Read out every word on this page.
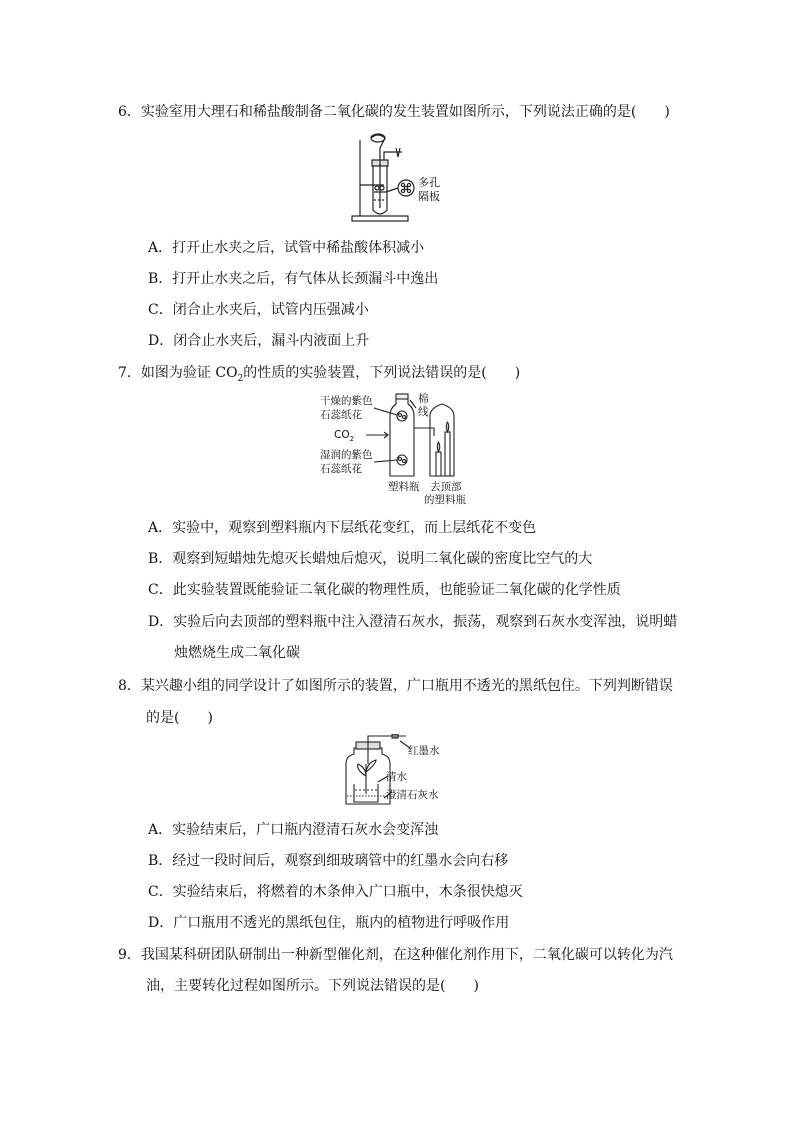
6．实验室用大理石和稀盐酸制备二氧化碳的发生装置如图所示，下列说法正确的是(　　)
多孔
隔板
A．打开止水夹之后，试管中稀盐酸体积减小
B．打开止水夹之后，有气体从长颈漏斗中逸出
C．闭合止水夹后，试管内压强减小
D．闭合止水夹后，漏斗内液面上升
7．如图为验证 $CO_2$的性质的实验装置，下列说法错误的是(　　)
干燥的紫色
石蕊纸花
$CO_2$
湿润的紫色
石蕊纸花
棉
线
塑料瓶 去顶部
的塑料瓶
A．实验中，观察到塑料瓶内下层纸花变红，而上层纸花不变色
B．观察到短蜡烛先熄灭长蜡烛后熄灭，说明二氧化碳的密度比空气的大
C．此实验装置既能验证二氧化碳的物理性质，也能验证二氧化碳的化学性质
D．实验后向去顶部的塑料瓶中注入澄清石灰水，振荡，观察到石灰水变浑浊，说明蜡
烛燃烧生成二氧化碳
8．某兴趣小组的同学设计了如图所示的装置，广口瓶用不透光的黑纸包住。下列判断错误
的是(　　)
红墨水
清水
澄清石灰水
A．实验结束后，广口瓶内澄清石灰水会变浑浊
B．经过一段时间后，观察到细玻璃管中的红墨水会向右移
C．实验结束后，将燃着的木条伸入广口瓶中，木条很快熄灭
D．广口瓶用不透光的黑纸包住，瓶内的植物进行呼吸作用
9．我国某科研团队研制出一种新型催化剂，在这种催化剂作用下，二氧化碳可以转化为汽
油，主要转化过程如图所示。下列说法错误的是(　　)
